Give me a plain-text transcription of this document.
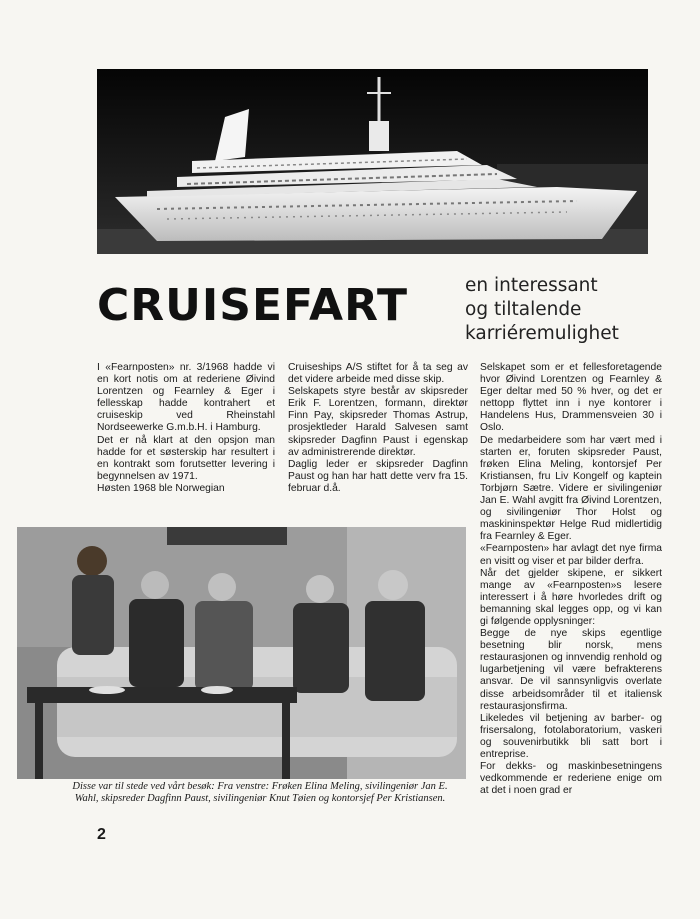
CRUISEFART	en interessant
og tiltalende
karriéremulighet

I «Fearnposten» nr. 3/1968 hadde vi en kort notis om at rederiene Øivind Lorentzen og Fearnley & Eger i fellesskap hadde kontrahert et cruiseskip ved Rheinstahl Nordseewerke G.m.b.H. i Hamburg.

Det er nå klart at den opsjon man hadde for et søsterskip har resultert i en kontrakt som forutsetter levering i begynnelsen av 1971.

Høsten 1968 ble Norwegian

Cruiseships A/S stiftet for å ta seg av det videre arbeide med disse skip.

Selskapets styre består av skipsreder Erik F. Lorentzen, formann, direktør Finn Pay, skipsreder Thomas Astrup, prosjektleder Harald Salvesen samt skipsreder Dagfinn Paust i egenskap av administrerende direktør.

Daglig leder er skipsreder Dagfinn Paust og han har hatt dette verv fra 15. februar d.å.

Selskapet som er et fellesforetagende hvor Øivind Lorentzen og Fearnley & Eger deltar med 50 % hver, og det er nettopp flyttet inn i nye kontorer i Handelens Hus, Drammensveien 30 i Oslo.

De medarbeidere som har vært med i starten er, foruten skipsreder Paust, frøken Elina Meling, kontorsjef Per Kristiansen, fru Liv Kongelf og kaptein Torbjørn Sætre. Videre er sivilingeniør Jan E. Wahl avgitt fra Øivind Lorentzen, og sivilingeniør Thor Holst og maskininspektør Helge Rud midlertidig fra Fearnley & Eger.

«Fearnposten» har avlagt det nye firma en visitt og viser et par bilder derfra.

Når det gjelder skipene, er sikkert mange av «Fearnposten»s lesere interessert i å høre hvorledes drift og bemanning skal legges opp, og vi kan gi følgende opplysninger:

Begge de nye skips egentlige besetning blir norsk, mens restaurasjonen og innvendig renhold og lugarbetjening vil være befrakterens ansvar. De vil sannsynligvis overlate disse arbeidsområder til et italiensk restaurasjonsfirma.

Likeledes vil betjening av barber- og frisersalong, fotolaboratorium, vaskeri og souvenirbutikk bli satt bort i entreprise.

For dekks- og maskinbesetningens vedkommende er rederiene enige om at det i noen grad er

Disse var til stede ved vårt besøk: Fra venstre: Frøken Elina Meling, sivilingeniør Jan E. Wahl, skipsreder Dagfinn Paust, sivilingeniør Knut Tøien og kontorsjef Per Kristiansen.
2
